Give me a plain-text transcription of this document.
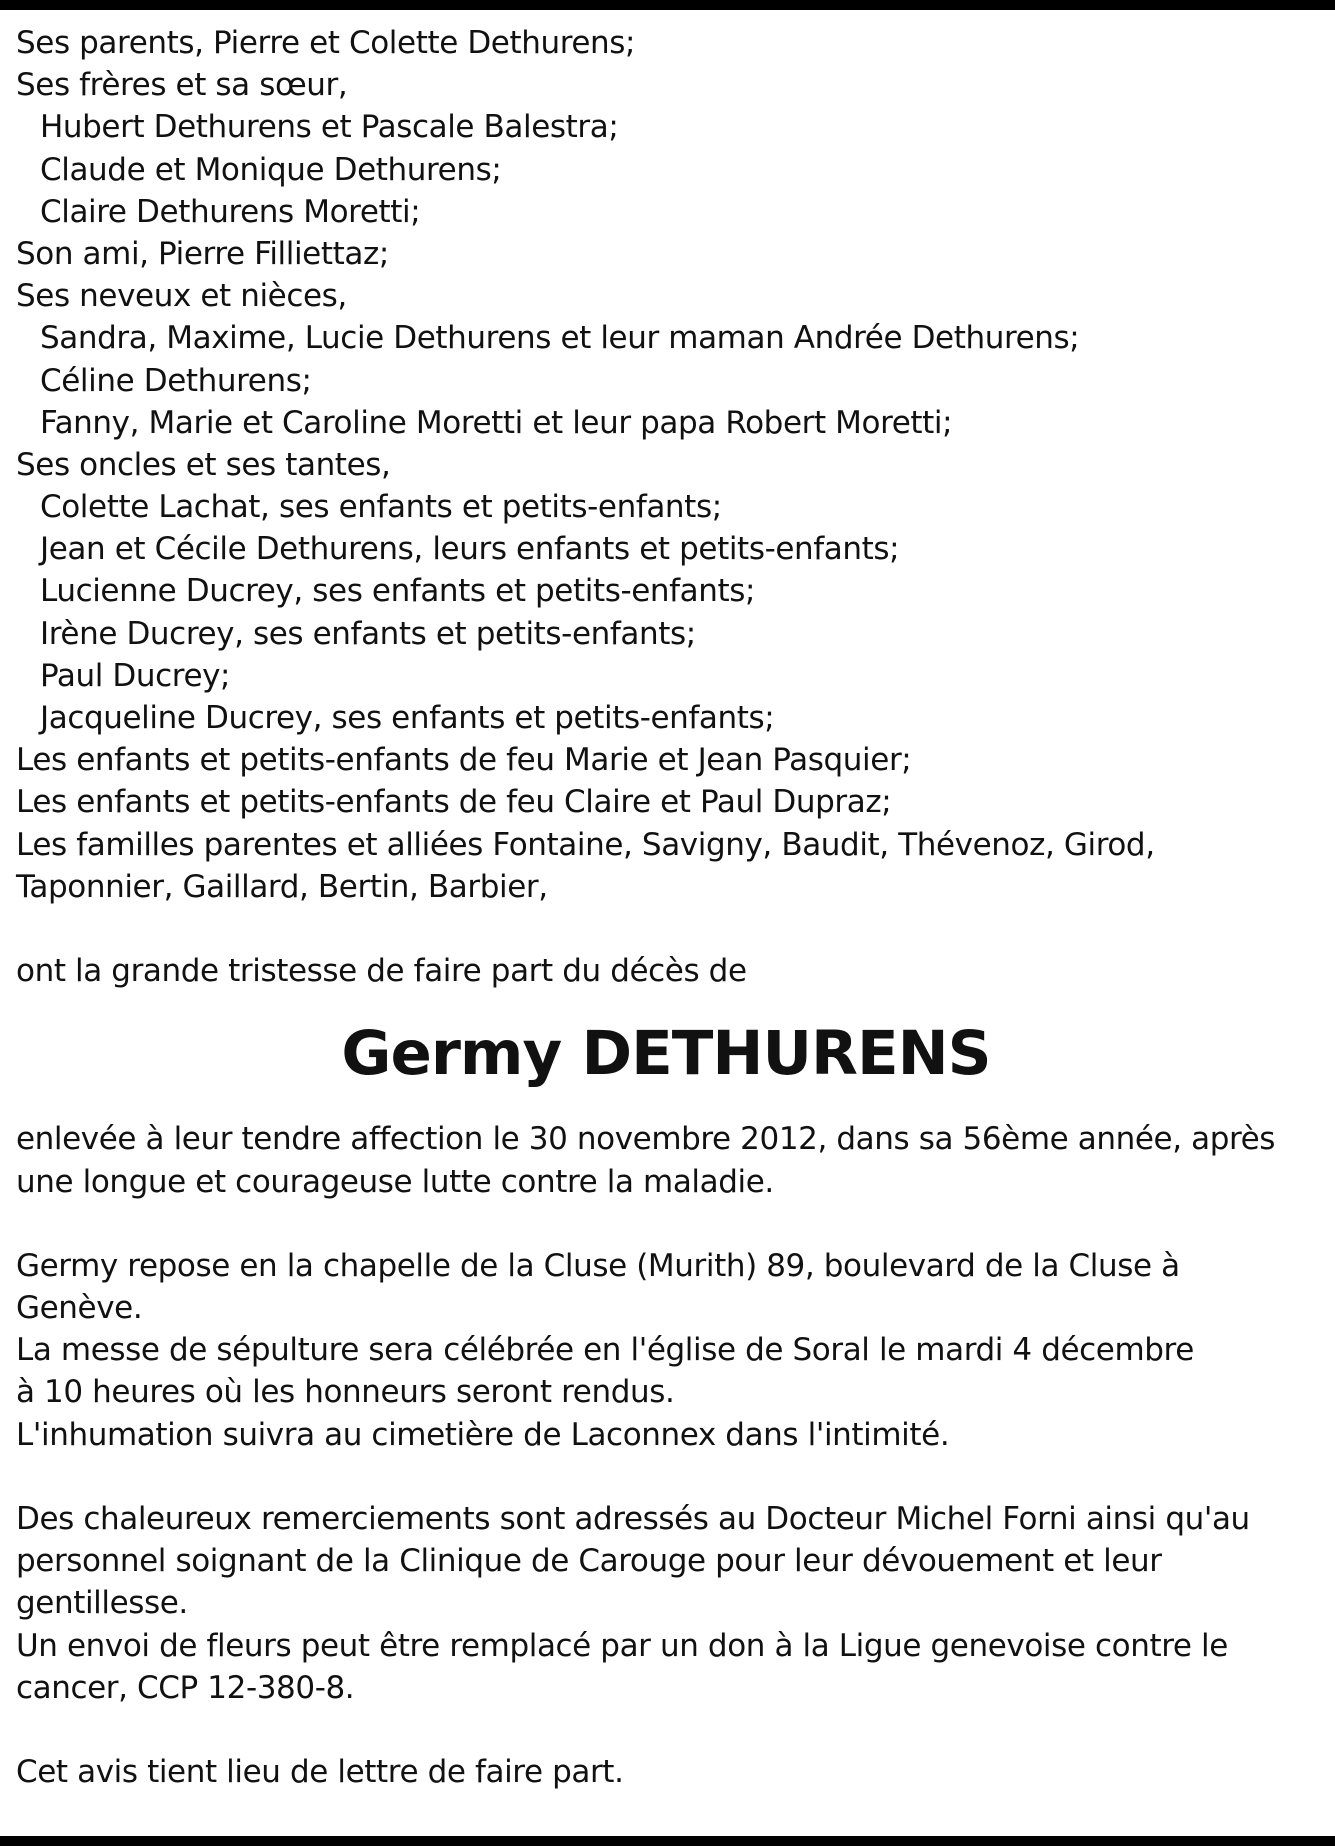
Ses parents, Pierre et Colette Dethurens;
Ses frères et sa sœur,
Hubert Dethurens et Pascale Balestra;
Claude et Monique Dethurens;
Claire Dethurens Moretti;
Son ami, Pierre Filliettaz;
Ses neveux et nièces,
Sandra, Maxime, Lucie Dethurens et leur maman Andrée Dethurens;
Céline Dethurens;
Fanny, Marie et Caroline Moretti et leur papa Robert Moretti;
Ses oncles et ses tantes,
Colette Lachat, ses enfants et petits-enfants;
Jean et Cécile Dethurens, leurs enfants et petits-enfants;
Lucienne Ducrey, ses enfants et petits-enfants;
Irène Ducrey, ses enfants et petits-enfants;
Paul Ducrey;
Jacqueline Ducrey, ses enfants et petits-enfants;
Les enfants et petits-enfants de feu Marie et Jean Pasquier;
Les enfants et petits-enfants de feu Claire et Paul Dupraz;
Les familles parentes et alliées Fontaine, Savigny, Baudit, Thévenoz, Girod,
Taponnier, Gaillard, Bertin, Barbier,
ont la grande tristesse de faire part du décès de
Germy DETHURENS
enlevée à leur tendre affection le 30 novembre 2012, dans sa 56ème année, après
une longue et courageuse lutte contre la maladie.
Germy repose en la chapelle de la Cluse (Murith) 89, boulevard de la Cluse à
Genève.
La messe de sépulture sera célébrée en l'église de Soral le mardi 4 décembre
à 10 heures où les honneurs seront rendus.
L'inhumation suivra au cimetière de Laconnex dans l'intimité.
Des chaleureux remerciements sont adressés au Docteur Michel Forni ainsi qu'au
personnel soignant de la Clinique de Carouge pour leur dévouement et leur
gentillesse.
Un envoi de fleurs peut être remplacé par un don à la Ligue genevoise contre le
cancer, CCP 12-380-8.
Cet avis tient lieu de lettre de faire part.
